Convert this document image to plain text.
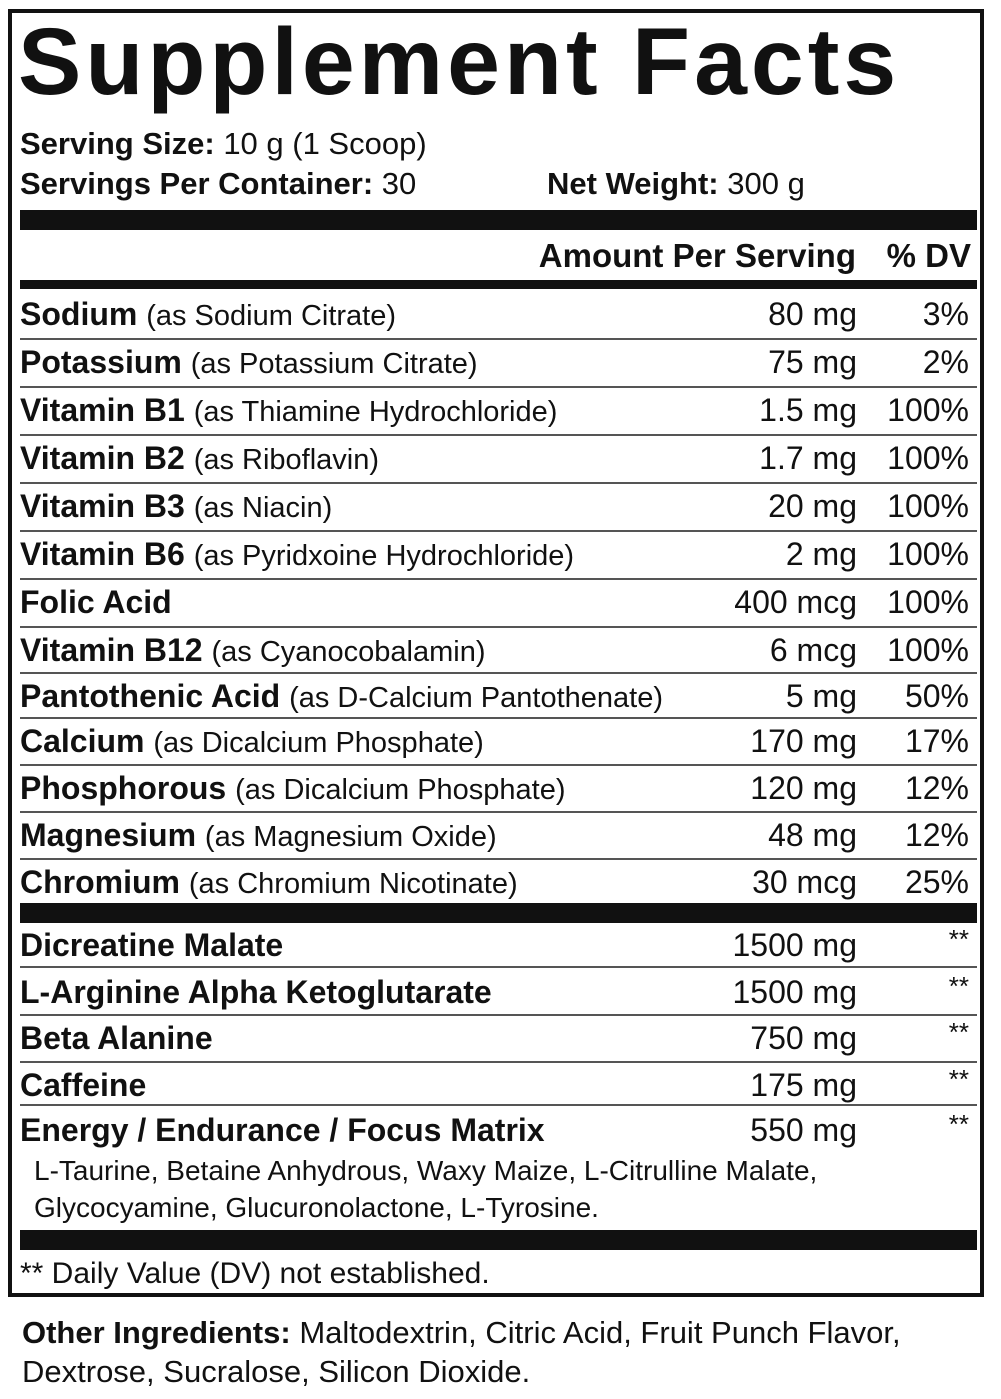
Supplement Facts
Serving Size: 10 g (1 Scoop)
Servings Per Container: 30	Net Weight: 300 g
Amount Per Serving % DV
Sodium (as Sodium Citrate)	80 mg 3%
Potassium (as Potassium Citrate)	75 mg 2%
Vitamin B1 (as Thiamine Hydrochloride)	1.5 mg 100%
Vitamin B2 (as Riboflavin)	1.7 mg 100%
Vitamin B3 (as Niacin)	20 mg 100%
Vitamin B6 (as Pyridxoine Hydrochloride)	2 mg 100%
Folic Acid	400 mcg 100%
Vitamin B12 (as Cyanocobalamin)	6 mcg 100%
Pantothenic Acid (as D-Calcium Pantothenate)	5 mg 50%
Calcium (as Dicalcium Phosphate)	170 mg 17%
Phosphorous (as Dicalcium Phosphate)	120 mg 12%
Magnesium (as Magnesium Oxide)	48 mg 12%
Chromium (as Chromium Nicotinate)	30 mcg 25%
Dicreatine Malate	1500 mg	**
L-Arginine Alpha Ketoglutarate	1500 mg	**
Beta Alanine	750 mg	**
Caffeine	175 mg	**
Energy / Endurance / Focus Matrix	550 mg	**
L-Taurine, Betaine Anhydrous, Waxy Maize, L-Citrulline Malate, Glycocyamine, Glucuronolactone, L-Tyrosine.
** Daily Value (DV) not established.
Other Ingredients: Maltodextrin, Citric Acid, Fruit Punch Flavor, Dextrose, Sucralose, Silicon Dioxide.
